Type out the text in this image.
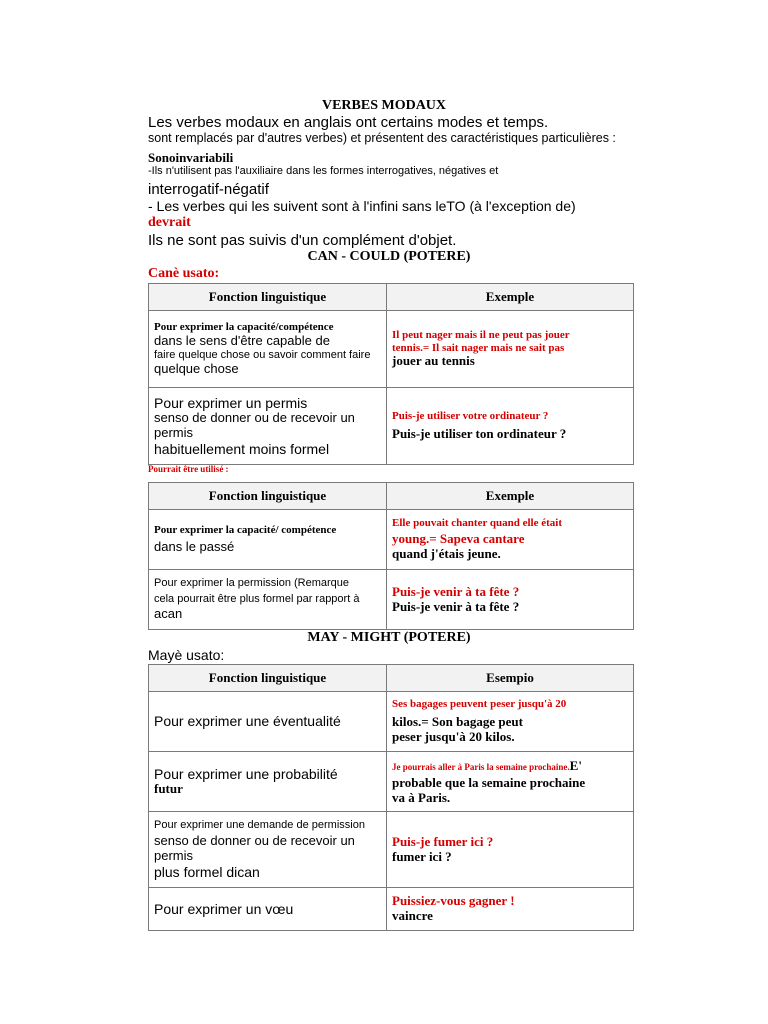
VERBES MODAUX
Les verbes modaux en anglais ont certains modes et temps.
sont remplacés par d'autres verbes) et présentent des caractéristiques particulières :
Sonoinvariabili
-Ils n'utilisent pas l'auxiliaire dans les formes interrogatives, négatives et
interrogatif-négatif
- Les verbes qui les suivent sont à l'infini sans leTO (à l'exception de)
devrait
Ils ne sont pas suivis d'un complément d'objet.
CAN - COULD (POTERE)
Canè usato:
Fonction linguistique	Exemple

Pour exprimer la capacité/compétence
dans le sens d'être capable de
faire quelque chose ou savoir comment faire
quelque chose	Il peut nager mais il ne peut pas jouer
tennis.= Il sait nager mais ne sait pas
jouer au tennis

Pour exprimer un permis
senso de donner ou de recevoir un
permis
habituellement moins formel	Puis-je utiliser votre ordinateur ?
Puis-je utiliser ton ordinateur ?
Pourrait être utilisé :
Fonction linguistique	Exemple

Pour exprimer la capacité/ compétence
dans le passé	Elle pouvait chanter quand elle était
young.= Sapeva cantare
quand j'étais jeune.

Pour exprimer la permission (Remarque
cela pourrait être plus formel par rapport à
acan	Puis-je venir à ta fête ?
Puis-je venir à ta fête ?
MAY - MIGHT (POTERE)
Mayè usato:
Fonction linguistique	Esempio

Pour exprimer une éventualité	Ses bagages peuvent peser jusqu'à 20
kilos.= Son bagage peut
peser jusqu'à 20 kilos.

Pour exprimer une probabilité
futur	Je pourrais aller à Paris la semaine prochaine.E'
probable que la semaine prochaine
va à Paris.

Pour exprimer une demande de permission
senso de donner ou de recevoir un
permis
plus formel dican	Puis-je fumer ici ?
fumer ici ?

Pour exprimer un vœu	Puissiez-vous gagner !
vaincre
